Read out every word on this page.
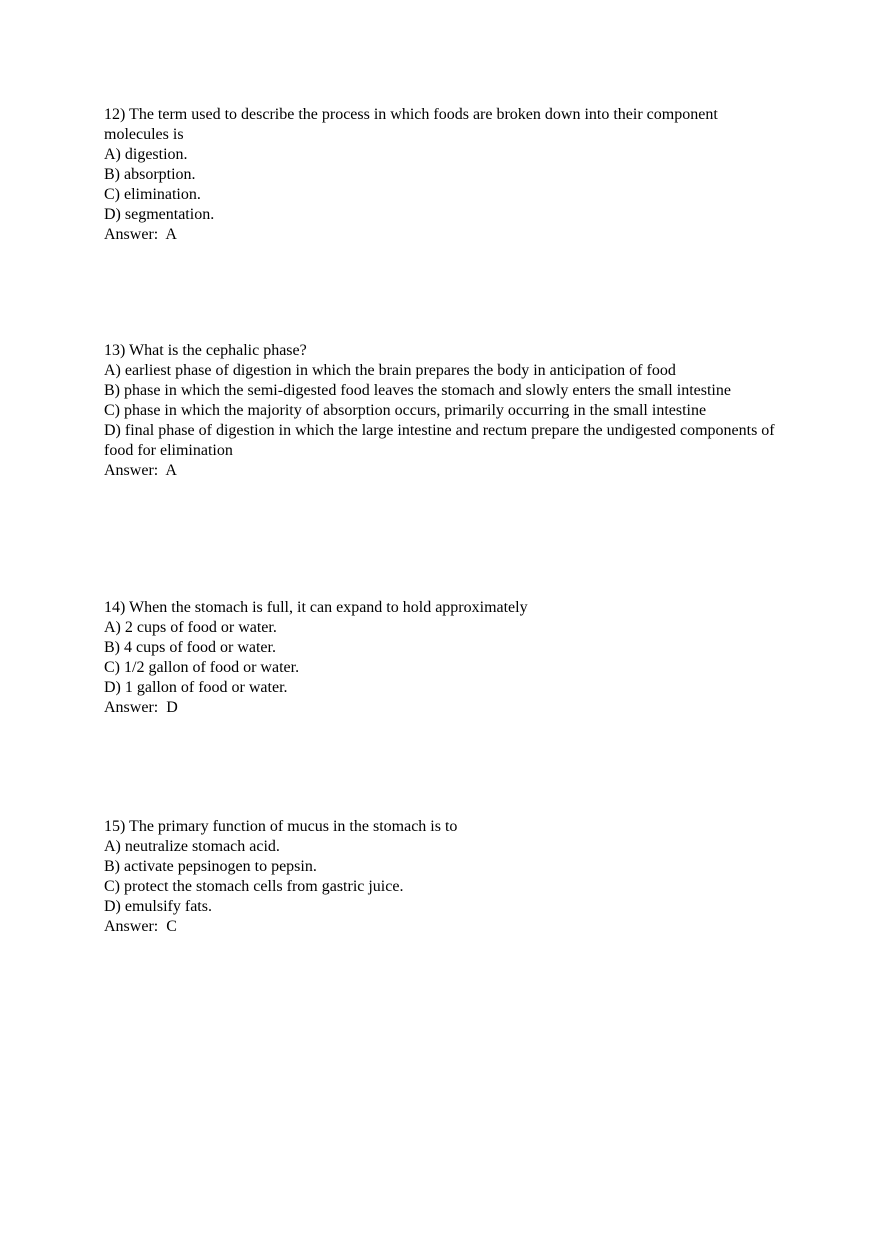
12) The term used to describe the process in which foods are broken down into their component molecules is
A) digestion.
B) absorption.
C) elimination.
D) segmentation.
Answer:  A
13) What is the cephalic phase?
A) earliest phase of digestion in which the brain prepares the body in anticipation of food
B) phase in which the semi-digested food leaves the stomach and slowly enters the small intestine
C) phase in which the majority of absorption occurs, primarily occurring in the small intestine
D) final phase of digestion in which the large intestine and rectum prepare the undigested components of food for elimination
Answer:  A
14) When the stomach is full, it can expand to hold approximately
A) 2 cups of food or water.
B) 4 cups of food or water.
C) 1/2 gallon of food or water.
D) 1 gallon of food or water.
Answer:  D
15) The primary function of mucus in the stomach is to
A) neutralize stomach acid.
B) activate pepsinogen to pepsin.
C) protect the stomach cells from gastric juice.
D) emulsify fats.
Answer:  C
